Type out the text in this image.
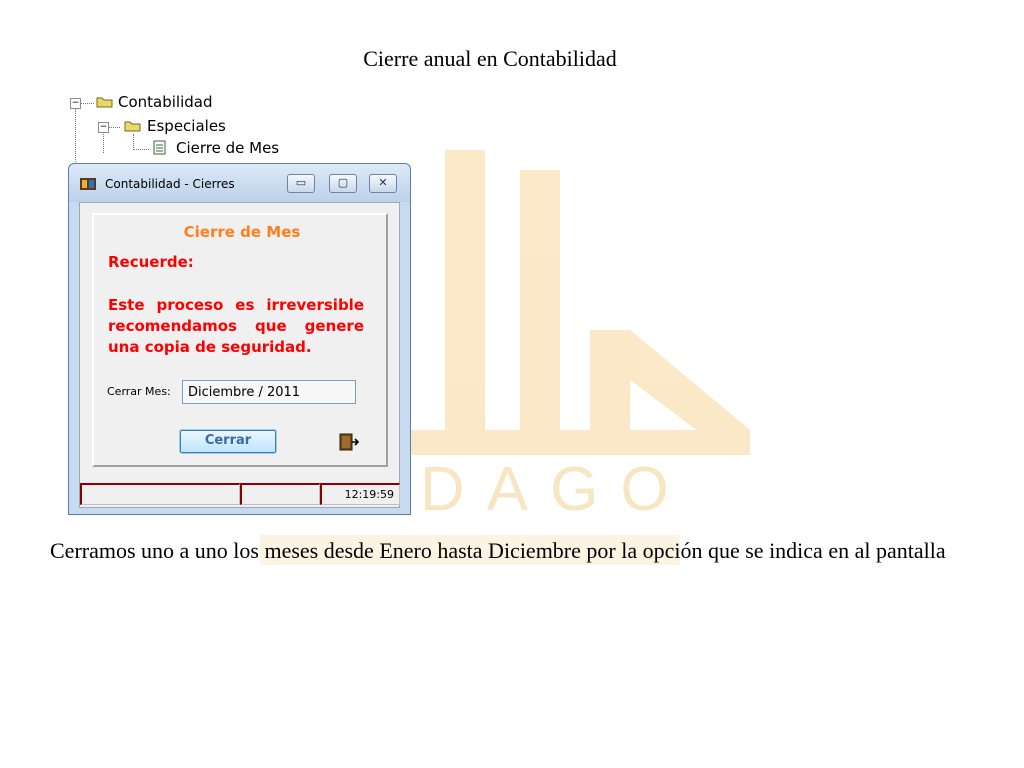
DAGO
Cierre anual en Contabilidad
−	Contabilidad
−	Especiales
Cierre de Mes
Contabilidad - Cierres	▭	▢	✕
Cierre de Mes
Recuerde:
Este proceso es irreversible recomendamos que genere una copia de seguridad.
Cerrar Mes:	Diciembre / 2011
Cerrar
12:19:59
Cerramos uno a uno los meses desde Enero hasta Diciembre por la opción que se indica en al pantalla
